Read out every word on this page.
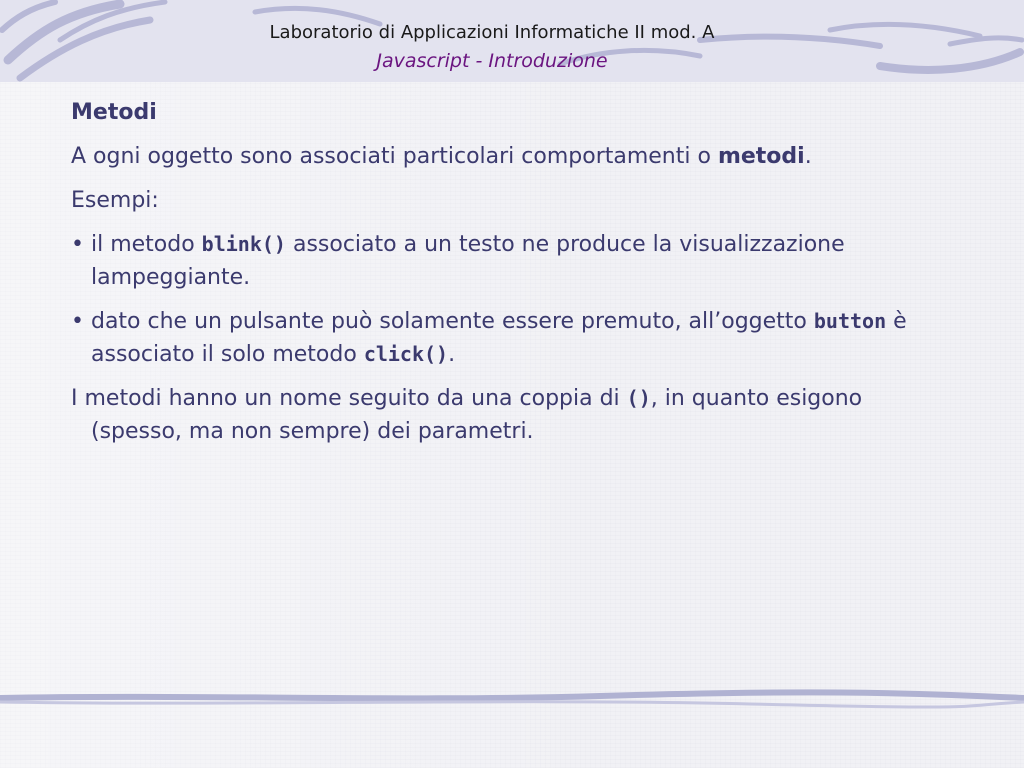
Laboratorio di Applicazioni Informatiche II mod. A
Javascript - Introduzione

Metodi

A ogni oggetto sono associati particolari comportamenti o metodi.

Esempi:

• il metodo blink() associato a un testo ne produce la visualizzazione lampeggiante.

• dato che un pulsante può solamente essere premuto, all’oggetto button è associato il solo metodo click().

I metodi hanno un nome seguito da una coppia di (), in quanto esigono (spesso, ma non sempre) dei parametri.
